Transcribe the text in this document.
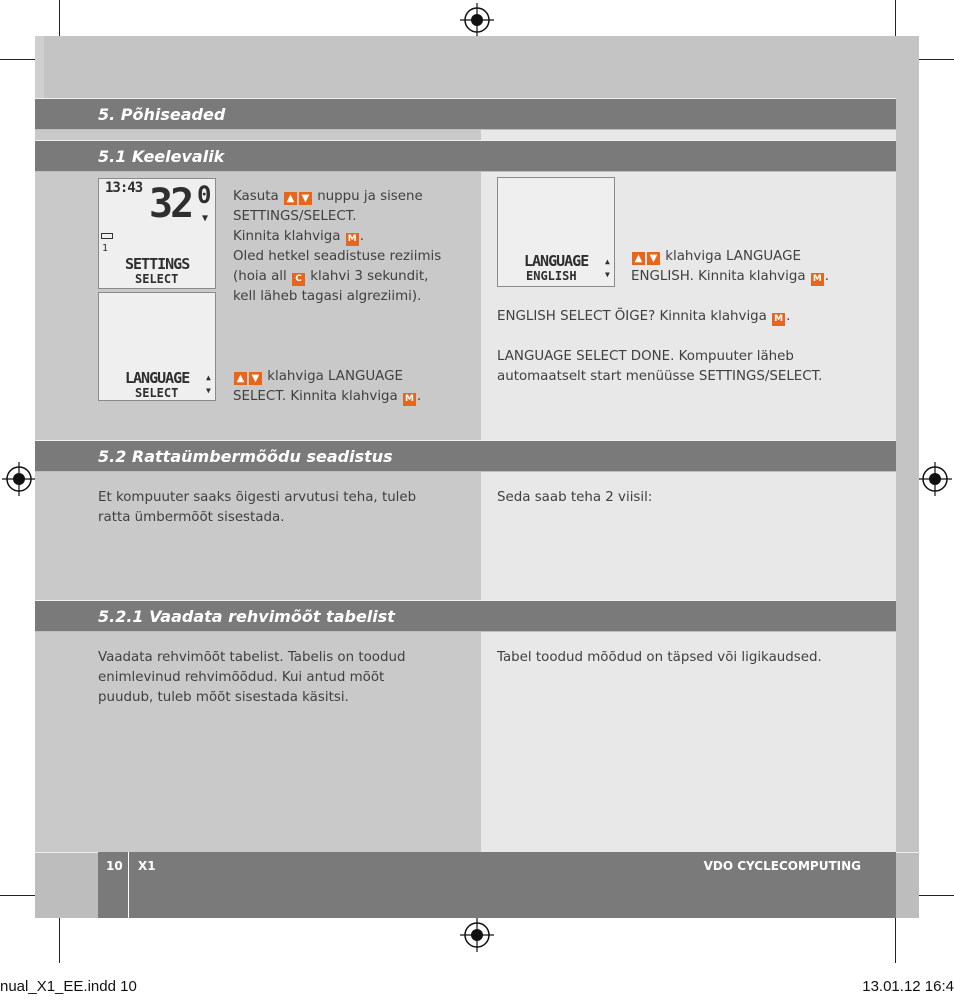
5. Põhiseaded
5.1 Keelevalik
13:43 32 0
▼
1
SETTINGS
SELECT
LANGUAGE
SELECT
▲
▼
Kasuta ▲ ▼ nuppu ja sisene
SETTINGS/SELECT.
Kinnita klahviga M .
Oled hetkel seadistuse reziimis
(hoia all C klahvi 3 sekundit,
kell läheb tagasi algreziimi).
▲ ▼ klahviga LANGUAGE
SELECT. Kinnita klahviga M .
LANGUAGE
ENGLISH
▲
▼
▲ ▼ klahviga LANGUAGE
ENGLISH. Kinnita klahviga M .
ENGLISH SELECT ÕIGE? Kinnita klahviga M .
LANGUAGE SELECT DONE. Kompuuter läheb
automaatselt start menüüsse SETTINGS/SELECT.
5.2 Rattaümbermõõdu seadistus
Et kompuuter saaks õigesti arvutusi teha, tuleb
ratta ümbermõõt sisestada.
Seda saab teha 2 viisil:
5.2.1 Vaadata rehvimõõt tabelist
Vaadata rehvimõõt tabelist. Tabelis on toodud
enimlevinud rehvimõõdud. Kui antud mõõt
puudub, tuleb mõõt sisestada käsitsi.
Tabel toodud mõõdud on täpsed või ligikaudsed.
10 X1	VDO CYCLECOMPUTING
nual_X1_EE.indd 10	13.01.12 16:4
